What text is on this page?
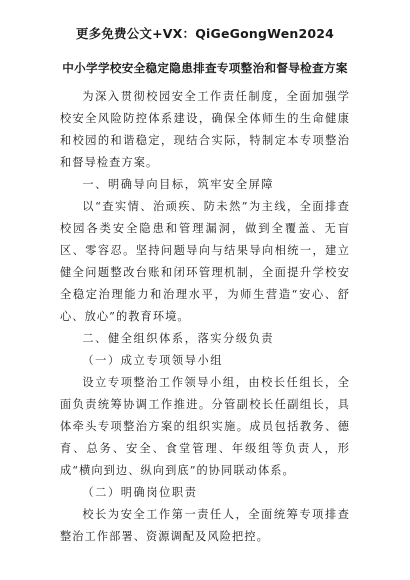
更多免费公文+VX：QiGeGongWen2024
中小学学校安全稳定隐患排查专项整治和督导检查方案

为深入贯彻校园安全工作责任制度，全面加强学校安全风险防控体系建设，确保全体师生的生命健康和校园的和谐稳定，现结合实际，特制定本专项整治和督导检查方案。

一、明确导向目标，筑牢安全屏障

以“查实情、治顽疾、防未然”为主线，全面排查校园各类安全隐患和管理漏洞，做到全覆盖、无盲区、零容忍。坚持问题导向与结果导向相统一，建立健全问题整改台账和闭环管理机制，全面提升学校安全稳定治理能力和治理水平，为师生营造“安心、舒心、放心”的教育环境。

二、健全组织体系，落实分级负责

（一）成立专项领导小组

设立专项整治工作领导小组，由校长任组长，全面负责统筹协调工作推进。分管副校长任副组长，具体牵头专项整治方案的组织实施。成员包括教务、德育、总务、安全、食堂管理、年级组等负责人，形成“横向到边、纵向到底”的协同联动体系。

（二）明确岗位职责

校长为安全工作第一责任人，全面统筹专项排查整治工作部署、资源调配及风险把控。
